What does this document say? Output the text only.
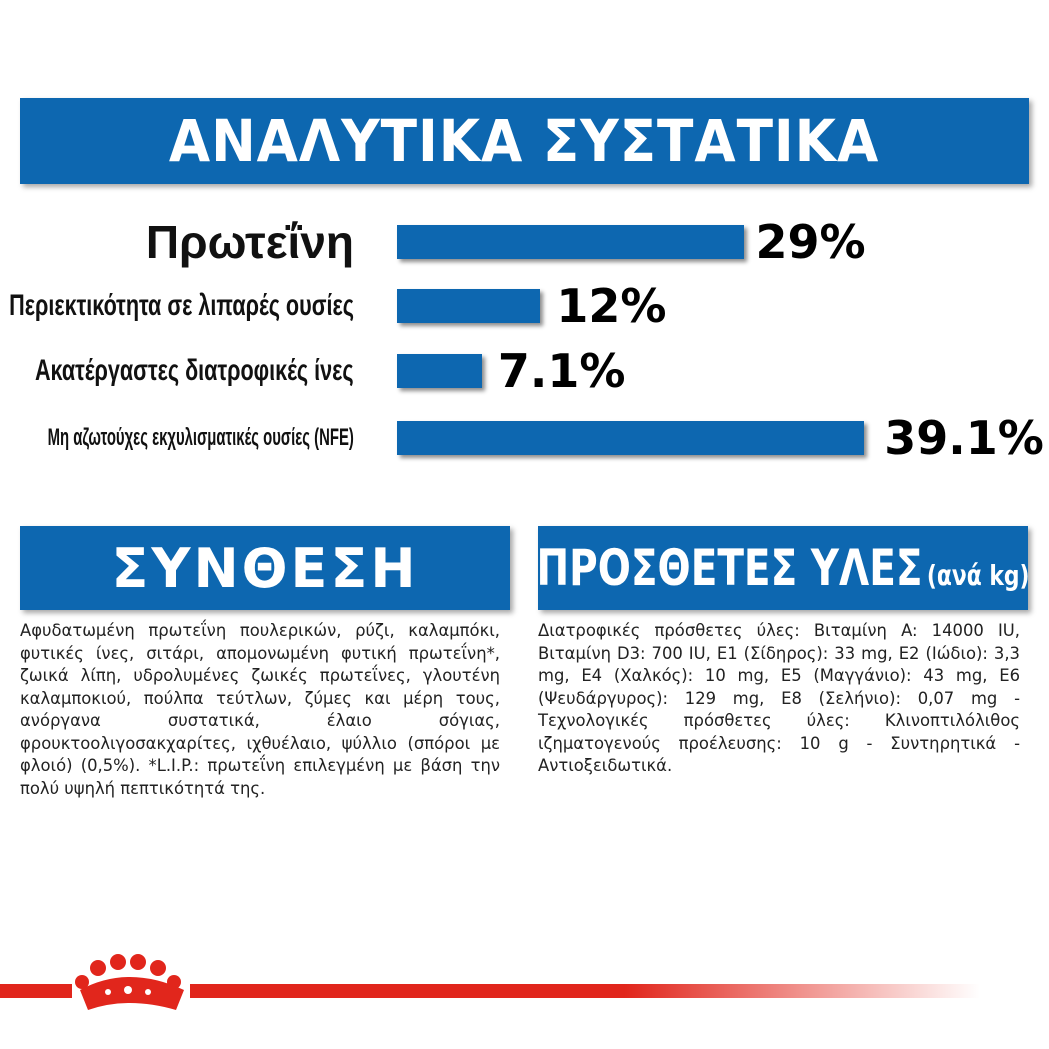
ΑΝΑΛΥΤΙΚΑ ΣΥΣΤΑΤΙΚΑ
Πρωτεΐνη	29%
Περιεκτικότητα σε λιπαρές ουσίες	12%
Ακατέργαστες διατροφικές ίνες	7.1%
Μη αζωτούχες εκχυλισματικές ουσίες (NFE)	39.1%
ΣΥΝΘΕΣΗ
Αφυδατωμένη πρωτεΐνη πουλερικών, ρύζι, καλαμπόκι, φυτικές ίνες, σιτάρι, απομονωμένη φυτική πρωτεΐνη*, ζωικά λίπη, υδρολυμένες ζωικές πρωτεΐνες, γλουτένη καλαμποκιού, πούλπα τεύτλων, ζύμες και μέρη τους, ανόργανα συστατικά, έλαιο σόγιας, φρουκτοολιγοσακχαρίτες, ιχθυέλαιο, ψύλλιο (σπόροι με φλοιό) (0,5%). *L.I.P.: πρωτεΐνη επιλεγμένη με βάση την πολύ υψηλή πεπτικότητά της.
ΠΡΟΣΘΕΤΕΣ ΥΛΕΣ (ανά kg)
Διατροφικές πρόσθετες ύλες: Βιταμίνη A: 14000 IU, Βιταμίνη D3: 700 IU, E1 (Σίδηρος): 33 mg, E2 (Ιώδιο): 3,3 mg, E4 (Χαλκός): 10 mg, E5 (Μαγγάνιο): 43 mg, E6 (Ψευδάργυρος): 129 mg, E8 (Σελήνιο): 0,07 mg - Τεχνολογικές πρόσθετες ύλες: Κλινοπτιλόλιθος ιζηματογενούς προέλευσης: 10 g - Συντηρητικά - Αντιοξειδωτικά.
